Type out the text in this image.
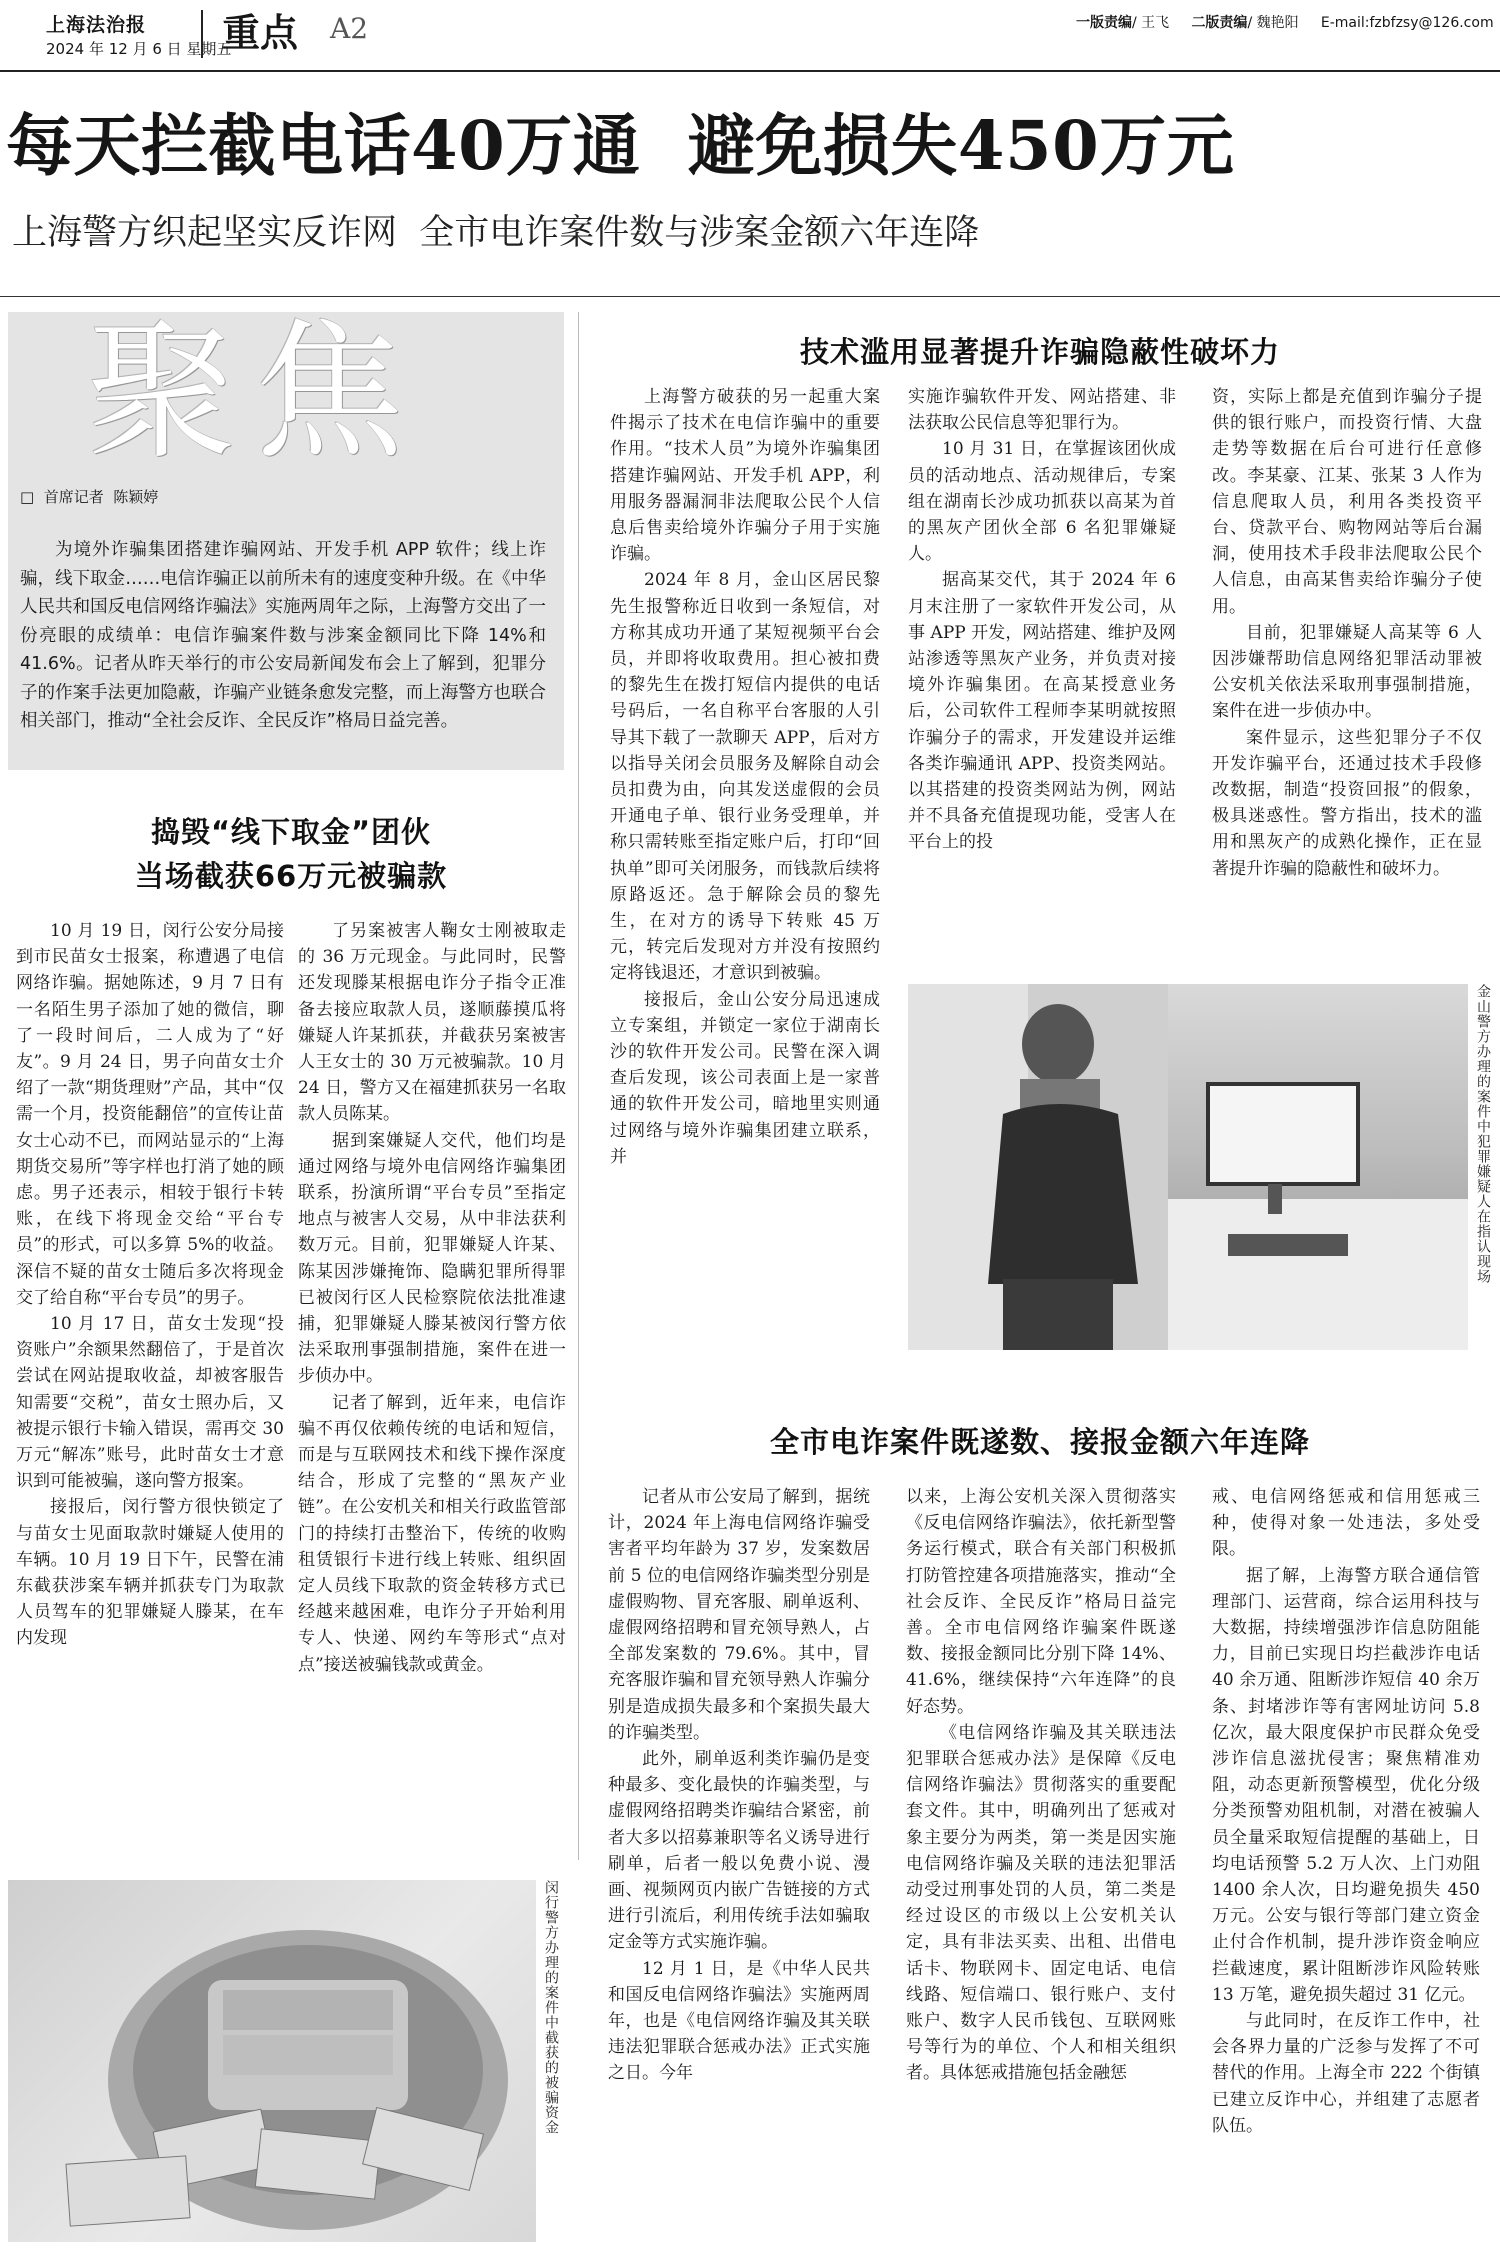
上海法治报
2024 年 12 月 6 日 星期五
重点 A2	一版责编/ 王飞 二版责编/ 魏艳阳 E-mail:fzbfzsy@126.com
每天拦截电话40万通  避免损失450万元
上海警方织起坚实反诈网  全市电诈案件数与涉案金额六年连降
聚焦
□  首席记者  陈颖婷

为境外诈骗集团搭建诈骗网站、开发手机 APP 软件；线上诈骗，线下取金……电信诈骗正以前所未有的速度变种升级。在《中华人民共和国反电信网络诈骗法》实施两周年之际，上海警方交出了一份亮眼的成绩单：电信诈骗案件数与涉案金额同比下降 14%和 41.6%。记者从昨天举行的市公安局新闻发布会上了解到，犯罪分子的作案手法更加隐蔽，诈骗产业链条愈发完整，而上海警方也联合相关部门，推动“全社会反诈、全民反诈”格局日益完善。

捣毁“线下取金”团伙
当场截获66万元被骗款

10 月 19 日，闵行公安分局接到市民苗女士报案，称遭遇了电信网络诈骗。据她陈述，9 月 7 日有一名陌生男子添加了她的微信，聊了一段时间后，二人成为了“好友”。9 月 24 日，男子向苗女士介绍了一款“期货理财”产品，其中“仅需一个月，投资能翻倍”的宣传让苗女士心动不已，而网站显示的“上海期货交易所”等字样也打消了她的顾虑。男子还表示，相较于银行卡转账，在线下将现金交给“平台专员”的形式，可以多算 5%的收益。深信不疑的苗女士随后多次将现金交了给自称“平台专员”的男子。

10 月 17 日，苗女士发现“投资账户”余额果然翻倍了，于是首次尝试在网站提取收益，却被客服告知需要“交税”，苗女士照办后，又被提示银行卡输入错误，需再交 30 万元“解冻”账号，此时苗女士才意识到可能被骗，遂向警方报案。

接报后，闵行警方很快锁定了与苗女士见面取款时嫌疑人使用的车辆。10 月 19 日下午，民警在浦东截获涉案车辆并抓获专门为取款人员驾车的犯罪嫌疑人滕某，在车内发现

了另案被害人鞠女士刚被取走的 36 万元现金。与此同时，民警还发现滕某根据电诈分子指令正准备去接应取款人员，遂顺藤摸瓜将嫌疑人许某抓获，并截获另案被害人王女士的 30 万元被骗款。10 月 24 日，警方又在福建抓获另一名取款人员陈某。

据到案嫌疑人交代，他们均是通过网络与境外电信网络诈骗集团联系，扮演所谓“平台专员”至指定地点与被害人交易，从中非法获利数万元。目前，犯罪嫌疑人许某、陈某因涉嫌掩饰、隐瞒犯罪所得罪已被闵行区人民检察院依法批准逮捕，犯罪嫌疑人滕某被闵行警方依法采取刑事强制措施，案件在进一步侦办中。

记者了解到，近年来，电信诈骗不再仅依赖传统的电话和短信，而是与互联网技术和线下操作深度结合，形成了完整的“黑灰产业链”。在公安机关和相关行政监管部门的持续打击整治下，传统的收购租赁银行卡进行线上转账、组织固定人员线下取款的资金转移方式已经越来越困难，电诈分子开始利用专人、快递、网约车等形式“点对点”接送被骗钱款或黄金。

闵行警方办理的案件中截获的被骗资金
技术滥用显著提升诈骗隐蔽性破坏力

上海警方破获的另一起重大案件揭示了技术在电信诈骗中的重要作用。“技术人员”为境外诈骗集团搭建诈骗网站、开发手机 APP，利用服务器漏洞非法爬取公民个人信息后售卖给境外诈骗分子用于实施诈骗。

2024 年 8 月，金山区居民黎先生报警称近日收到一条短信，对方称其成功开通了某短视频平台会员，并即将收取费用。担心被扣费的黎先生在拨打短信内提供的电话号码后，一名自称平台客服的人引导其下载了一款聊天 APP，后对方以指导关闭会员服务及解除自动会员扣费为由，向其发送虚假的会员开通电子单、银行业务受理单，并称只需转账至指定账户后，打印“回执单”即可关闭服务，而钱款后续将原路返还。急于解除会员的黎先生，在对方的诱导下转账 45 万元，转完后发现对方并没有按照约定将钱退还，才意识到被骗。

接报后，金山公安分局迅速成立专案组，并锁定一家位于湖南长沙的软件开发公司。民警在深入调查后发现，该公司表面上是一家普通的软件开发公司，暗地里实则通过网络与境外诈骗集团建立联系，并

实施诈骗软件开发、网站搭建、非法获取公民信息等犯罪行为。

10 月 31 日，在掌握该团伙成员的活动地点、活动规律后，专案组在湖南长沙成功抓获以高某为首的黑灰产团伙全部 6 名犯罪嫌疑人。

据高某交代，其于 2024 年 6 月末注册了一家软件开发公司，从事 APP 开发，网站搭建、维护及网站渗透等黑灰产业务，并负责对接境外诈骗集团。在高某授意业务后，公司软件工程师李某明就按照诈骗分子的需求，开发建设并运维各类诈骗通讯 APP、投资类网站。以其搭建的投资类网站为例，网站并不具备充值提现功能，受害人在平台上的投

资，实际上都是充值到诈骗分子提供的银行账户，而投资行情、大盘走势等数据在后台可进行任意修改。李某豪、江某、张某 3 人作为信息爬取人员，利用各类投资平台、贷款平台、购物网站等后台漏洞，使用技术手段非法爬取公民个人信息，由高某售卖给诈骗分子使用。

目前，犯罪嫌疑人高某等 6 人因涉嫌帮助信息网络犯罪活动罪被公安机关依法采取刑事强制措施，案件在进一步侦办中。

案件显示，这些犯罪分子不仅开发诈骗平台，还通过技术手段修改数据，制造“投资回报”的假象，极具迷惑性。警方指出，技术的滥用和黑灰产的成熟化操作，正在显著提升诈骗的隐蔽性和破坏力。

金山警方办理的案件中犯罪嫌疑人在指认现场
全市电诈案件既遂数、接报金额六年连降

记者从市公安局了解到，据统计，2024 年上海电信网络诈骗受害者平均年龄为 37 岁，发案数居前 5 位的电信网络诈骗类型分别是虚假购物、冒充客服、刷单返利、虚假网络招聘和冒充领导熟人，占全部发案数的 79.6%。其中，冒充客服诈骗和冒充领导熟人诈骗分别是造成损失最多和个案损失最大的诈骗类型。

此外，刷单返利类诈骗仍是变种最多、变化最快的诈骗类型，与虚假网络招聘类诈骗结合紧密，前者大多以招募兼职等名义诱导进行刷单，后者一般以免费小说、漫画、视频网页内嵌广告链接的方式进行引流后，利用传统手法如骗取定金等方式实施诈骗。

12 月 1 日，是《中华人民共和国反电信网络诈骗法》实施两周年，也是《电信网络诈骗及其关联违法犯罪联合惩戒办法》正式实施之日。今年

以来，上海公安机关深入贯彻落实《反电信网络诈骗法》，依托新型警务运行模式，联合有关部门积极抓打防管控建各项措施落实，推动“全社会反诈、全民反诈”格局日益完善。全市电信网络诈骗案件既遂数、接报金额同比分别下降 14%、41.6%，继续保持“六年连降”的良好态势。

《电信网络诈骗及其关联违法犯罪联合惩戒办法》是保障《反电信网络诈骗法》贯彻落实的重要配套文件。其中，明确列出了惩戒对象主要分为两类，第一类是因实施电信网络诈骗及关联的违法犯罪活动受过刑事处罚的人员，第二类是经过设区的市级以上公安机关认定，具有非法买卖、出租、出借电话卡、物联网卡、固定电话、电信线路、短信端口、银行账户、支付账户、数字人民币钱包、互联网账号等行为的单位、个人和相关组织者。具体惩戒措施包括金融惩

戒、电信网络惩戒和信用惩戒三种，使得对象一处违法，多处受限。

据了解，上海警方联合通信管理部门、运营商，综合运用科技与大数据，持续增强涉诈信息防阻能力，目前已实现日均拦截涉诈电话 40 余万通、阻断涉诈短信 40 余万条、封堵涉诈等有害网址访问 5.8 亿次，最大限度保护市民群众免受涉诈信息滋扰侵害；聚焦精准劝阻，动态更新预警模型，优化分级分类预警劝阻机制，对潜在被骗人员全量采取短信提醒的基础上，日均电话预警 5.2 万人次、上门劝阻 1400 余人次，日均避免损失 450 万元。公安与银行等部门建立资金止付合作机制，提升涉诈资金响应拦截速度，累计阻断涉诈风险转账 13 万笔，避免损失超过 31 亿元。

与此同时，在反诈工作中，社会各界力量的广泛参与发挥了不可替代的作用。上海全市 222 个街镇已建立反诈中心，并组建了志愿者队伍。
